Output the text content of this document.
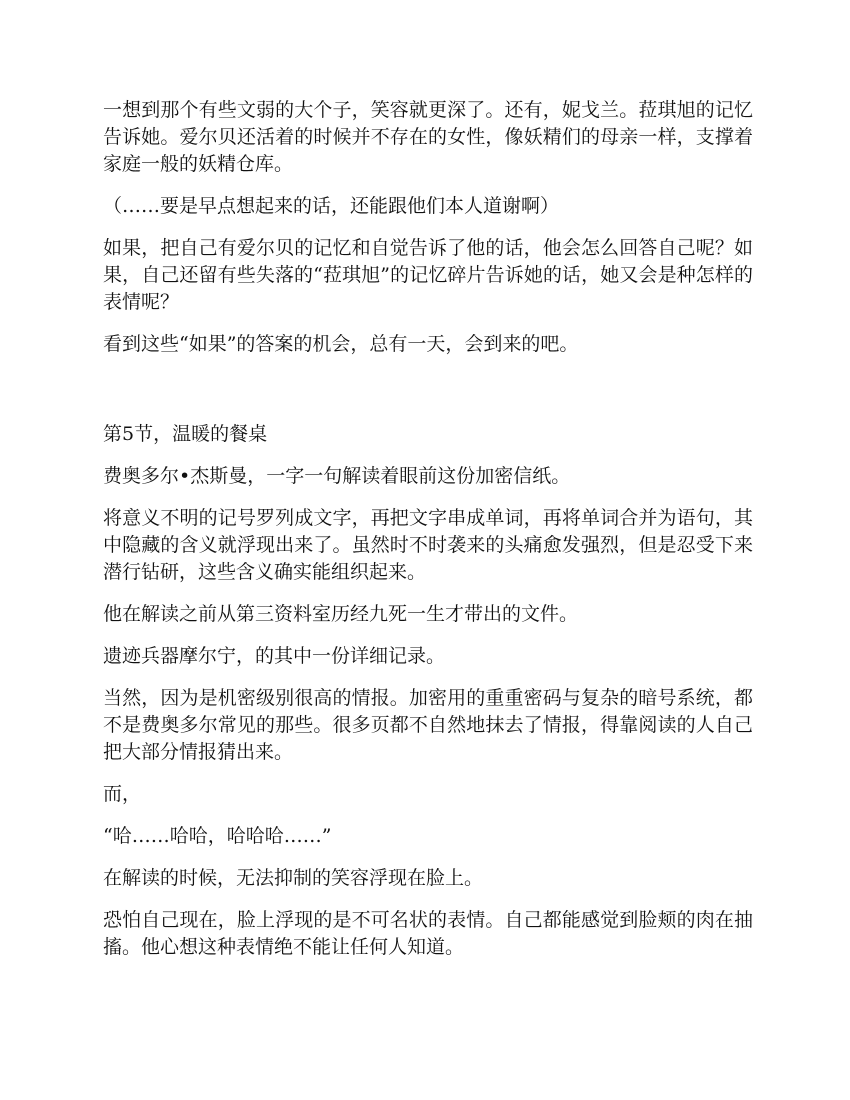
一想到那个有些文弱的大个子，笑容就更深了。还有，妮戈兰。菈琪旭的记忆告诉她。爱尔贝还活着的时候并不存在的女性，像妖精们的母亲一样，支撑着家庭一般的妖精仓库。

（……要是早点想起来的话，还能跟他们本人道谢啊）

如果，把自己有爱尔贝的记忆和自觉告诉了他的话，他会怎么回答自己呢？如果，自己还留有些失落的“菈琪旭”的记忆碎片告诉她的话，她又会是种怎样的表情呢？

看到这些“如果”的答案的机会，总有一天，会到来的吧。

第5节，温暖的餐桌

费奥多尔•杰斯曼，一字一句解读着眼前这份加密信纸。

将意义不明的记号罗列成文字，再把文字串成单词，再将单词合并为语句，其中隐藏的含义就浮现出来了。虽然时不时袭来的头痛愈发强烈，但是忍受下来潜行钻研，这些含义确实能组织起来。

他在解读之前从第三资料室历经九死一生才带出的文件。

遗迹兵器摩尔宁，的其中一份详细记录。

当然，因为是机密级别很高的情报。加密用的重重密码与复杂的暗号系统，都不是费奥多尔常见的那些。很多页都不自然地抹去了情报，得靠阅读的人自己把大部分情报猜出来。

而，

“哈……哈哈，哈哈哈……”

在解读的时候，无法抑制的笑容浮现在脸上。

恐怕自己现在，脸上浮现的是不可名状的表情。自己都能感觉到脸颊的肉在抽搐。他心想这种表情绝不能让任何人知道。
